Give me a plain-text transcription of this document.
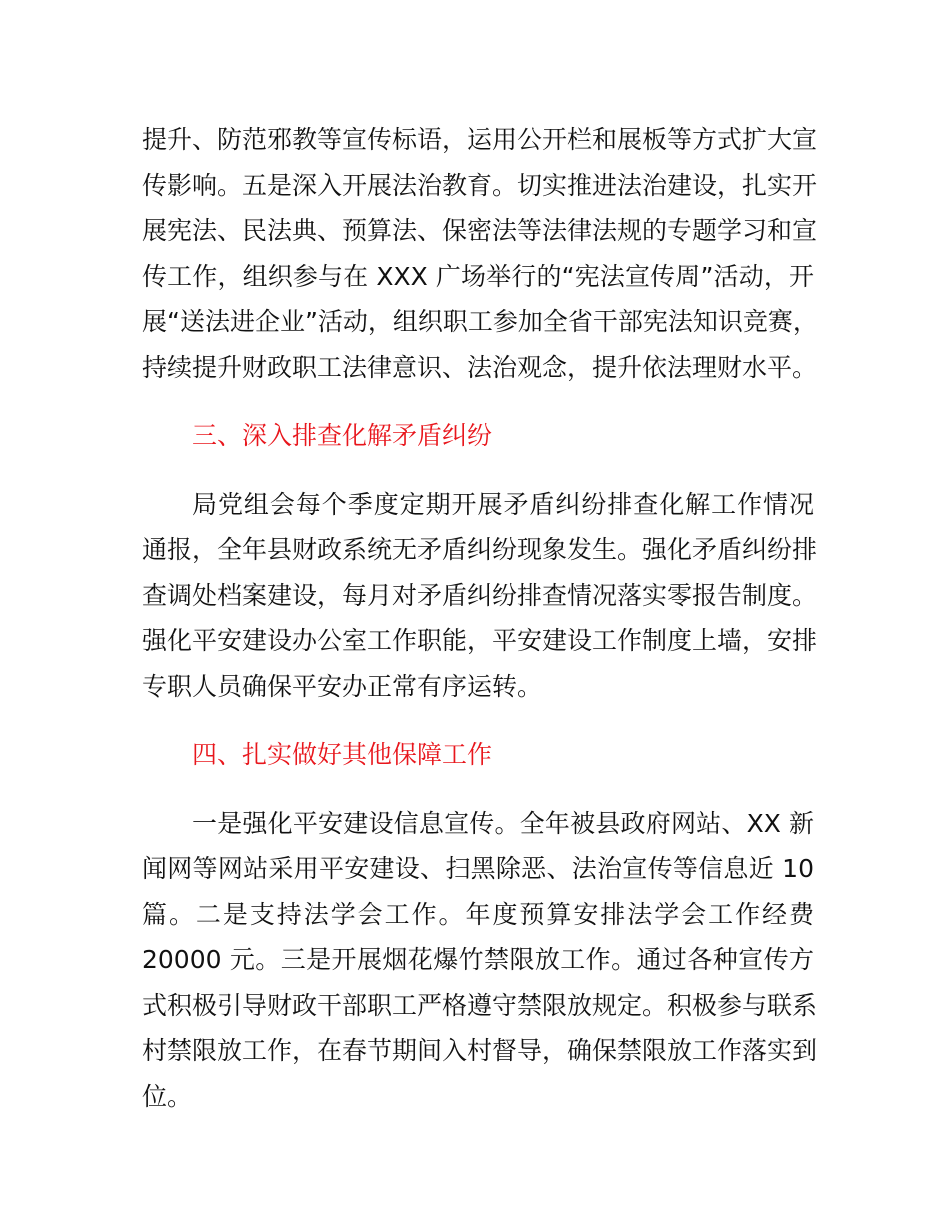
提升、防范邪教等宣传标语，运用公开栏和展板等方式扩大宣
传影响。五是深入开展法治教育。切实推进法治建设，扎实开
展宪法、民法典、预算法、保密法等法律法规的专题学习和宣
传工作，组织参与在 XXX 广场举行的“宪法宣传周”活动，开
展“送法进企业”活动，组织职工参加全省干部宪法知识竞赛，
持续提升财政职工法律意识、法治观念，提升依法理财水平。
三、深入排查化解矛盾纠纷
局党组会每个季度定期开展矛盾纠纷排查化解工作情况
通报，全年县财政系统无矛盾纠纷现象发生。强化矛盾纠纷排
查调处档案建设，每月对矛盾纠纷排查情况落实零报告制度。
强化平安建设办公室工作职能，平安建设工作制度上墙，安排
专职人员确保平安办正常有序运转。
四、扎实做好其他保障工作
一是强化平安建设信息宣传。全年被县政府网站、XX 新
闻网等网站采用平安建设、扫黑除恶、法治宣传等信息近 10
篇。二是支持法学会工作。年度预算安排法学会工作经费
20000 元。三是开展烟花爆竹禁限放工作。通过各种宣传方
式积极引导财政干部职工严格遵守禁限放规定。积极参与联系
村禁限放工作，在春节期间入村督导，确保禁限放工作落实到
位。
